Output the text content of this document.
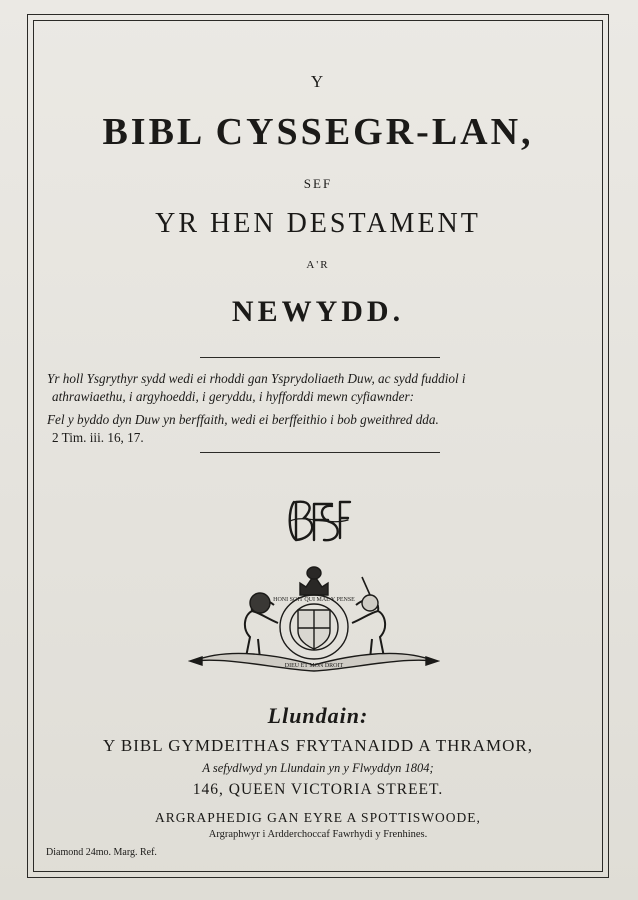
Y
BIBL CYSSEGR-LAN,
SEF
YR HEN DESTAMENT
A'R
NEWYDD.
Yr holl Ysgrythyr sydd wedi ei rhoddi gan Ysprydoliaeth Duw, ac sydd fuddiol i
athrawiaethu, i argyhoeddi, i geryddu, i hyfforddi mewn cyfiawnder:
Fel y byddo dyn Duw yn berffaith, wedi ei berffeithio i bob gweithred dda.
2 Tim. iii. 16, 17.
HONI SOIT QUI MAL Y PENSE
DIEU ET MON DROIT
Llundain:
Y BIBL GYMDEITHAS FRYTANAIDD A THRAMOR,
A sefydlwyd yn Llundain yn y Flwyddyn 1804;
146, QUEEN VICTORIA STREET.
ARGRAPHEDIG GAN EYRE A SPOTTISWOODE,
Argraphwyr i Ardderchoccaf Fawrhydi y Frenhines.
Diamond 24mo. Marg. Ref.
